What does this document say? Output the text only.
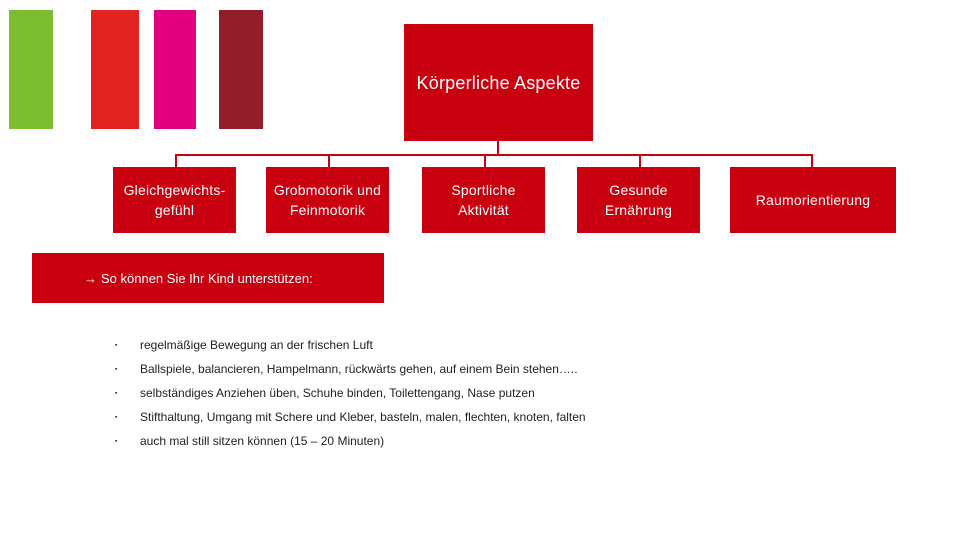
Körperliche Aspekte
Gleichgewichts-gefühl
Grobmotorik und Feinmotorik
Sportliche Aktivität
Gesunde Ernährung
Raumorientierung
→ So können Sie Ihr Kind unterstützen:
▪	regelmäßige Bewegung an der frischen Luft
▪	Ballspiele, balancieren, Hampelmann, rückwärts gehen, auf einem Bein stehen…..
▪	selbständiges Anziehen üben, Schuhe binden, Toilettengang, Nase putzen
▪	Stifthaltung, Umgang mit Schere und Kleber, basteln, malen, flechten, knoten, falten
▪	auch mal still sitzen können (15 – 20 Minuten)
